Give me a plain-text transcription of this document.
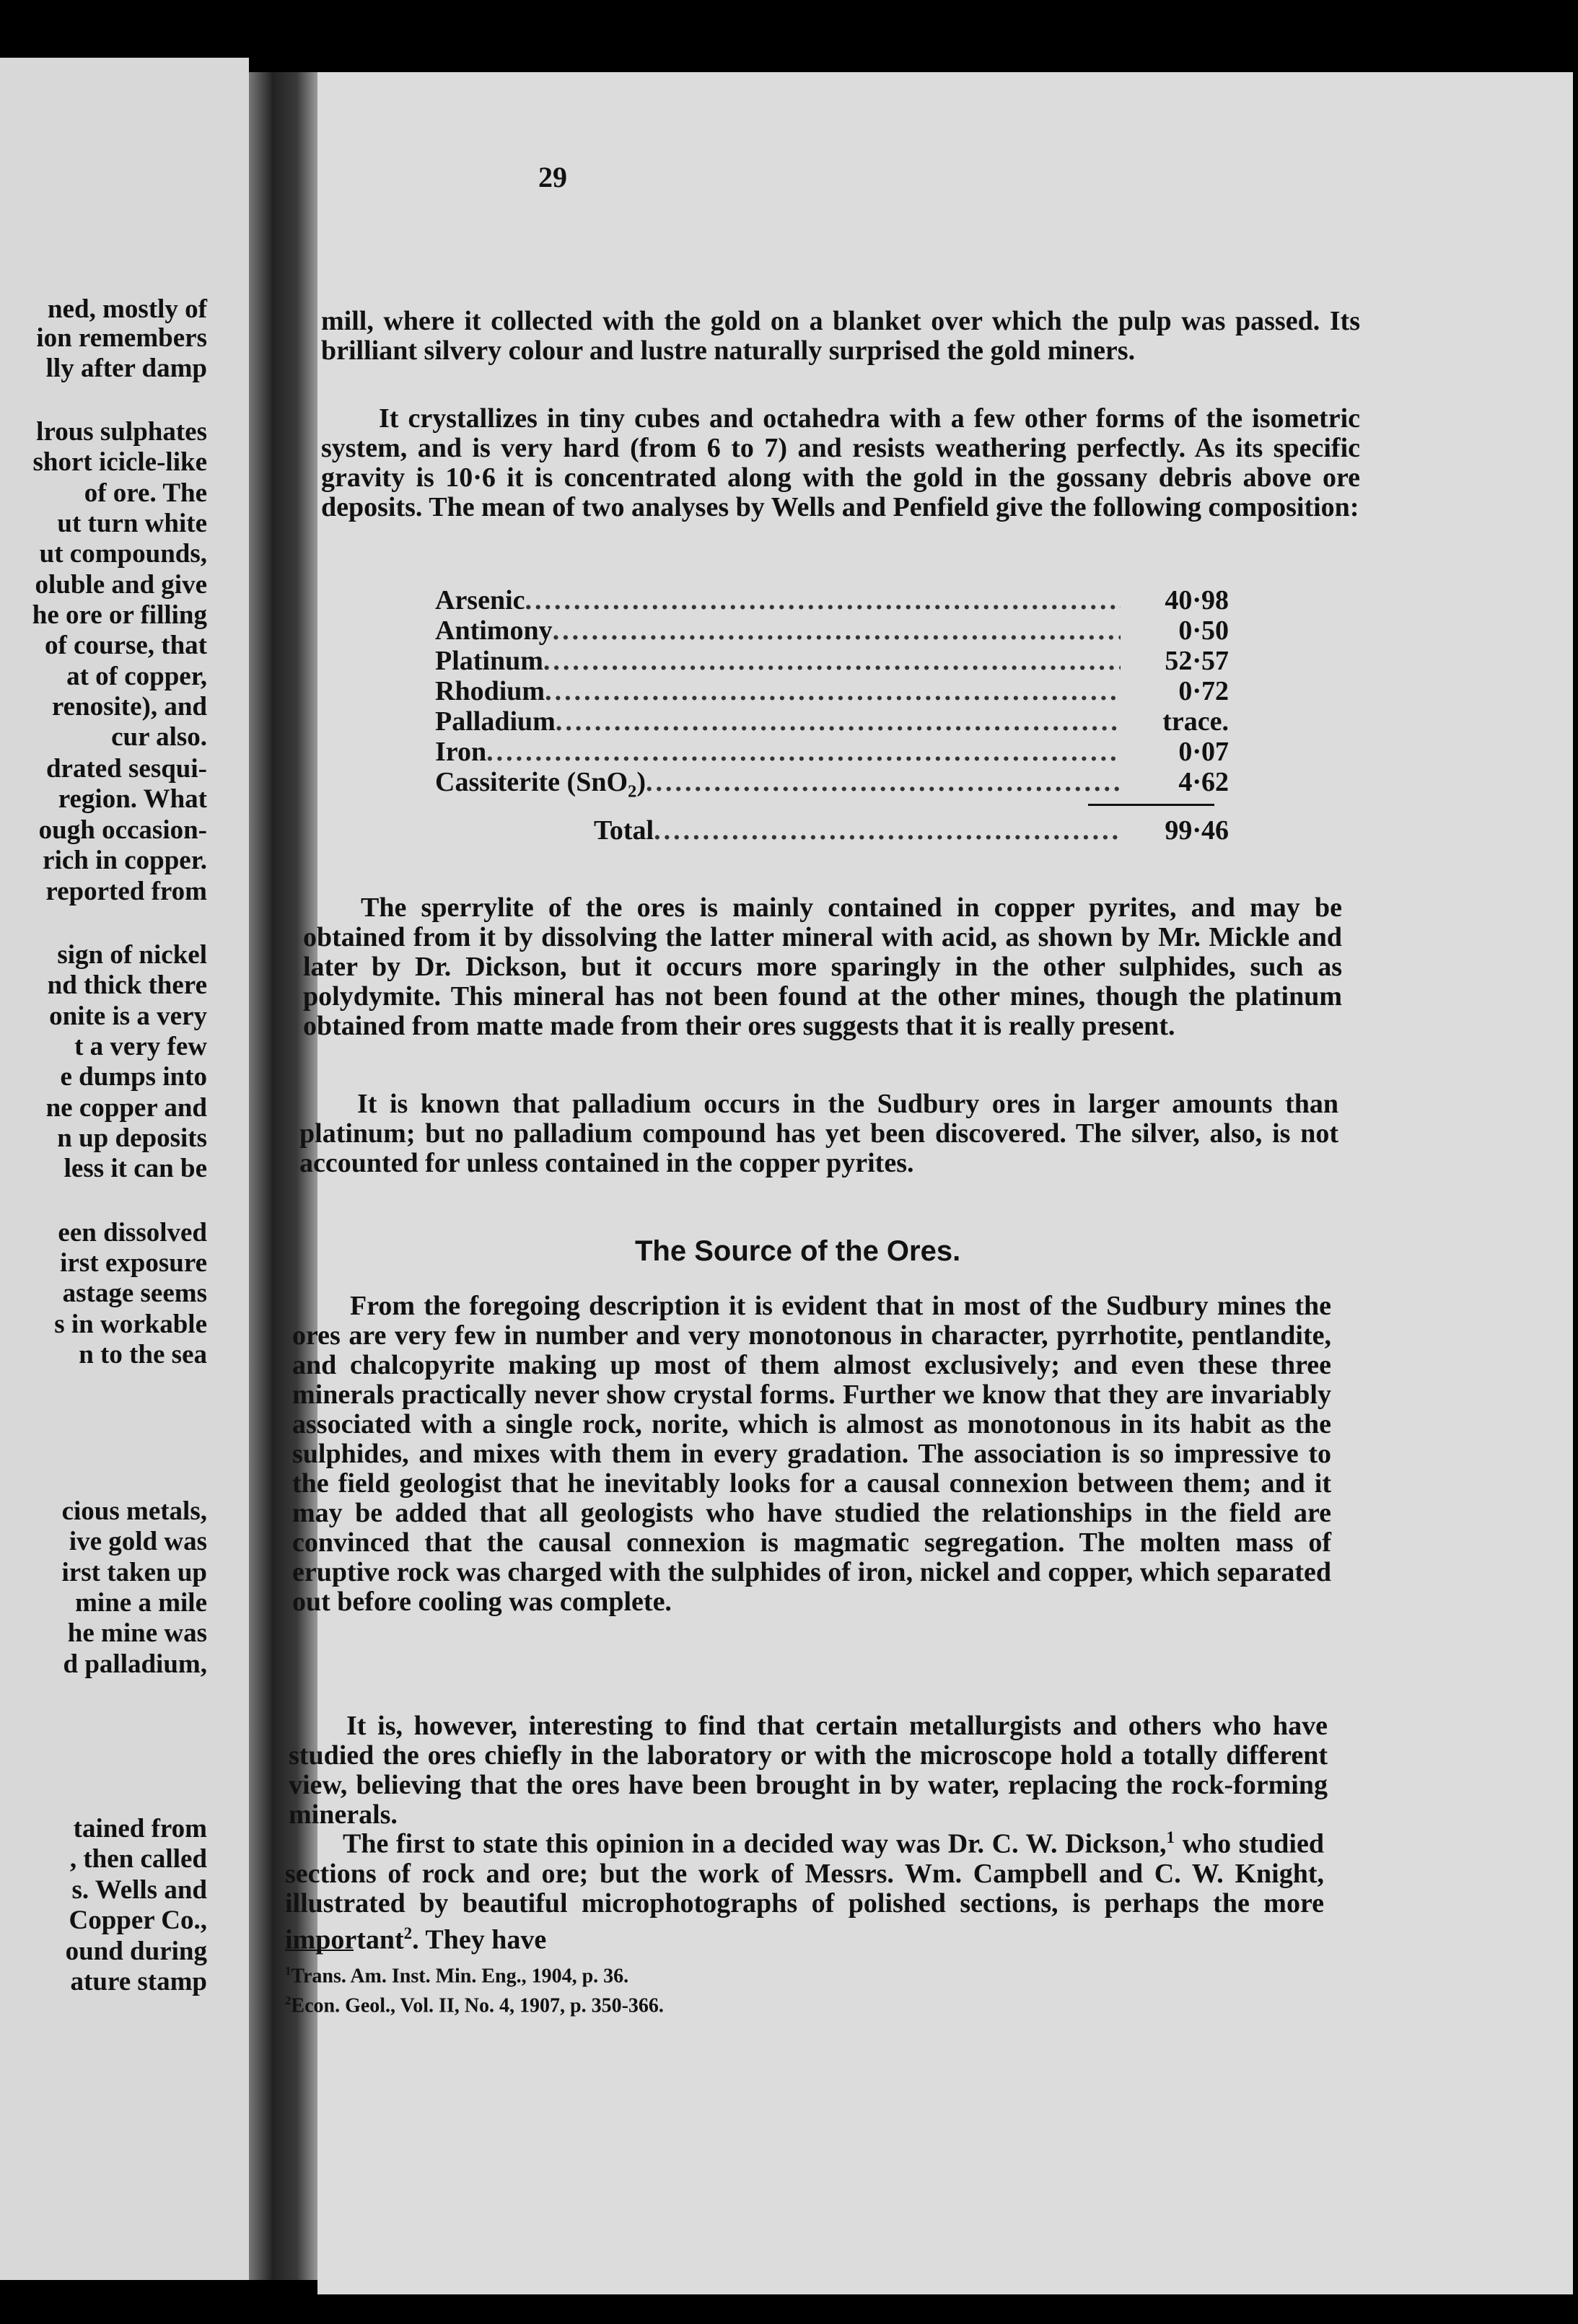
ned, mostly of
ion remembers
lly after damp
lrous sulphates
short icicle-like
of ore. The
ut turn white
ut compounds,
oluble and give
he ore or filling
of course, that
at of copper,
renosite), and
cur also.
drated sesqui-
region. What
ough occasion-
rich in copper.
reported from
sign of nickel
nd thick there
onite is a very
t a very few
e dumps into
ne copper and
n up deposits
less it can be
een dissolved
irst exposure
astage seems
s in workable
n to the sea
cious metals,
ive gold was
irst taken up
mine a mile
he mine was
d palladium,
tained from
, then called
s. Wells and
Copper Co.,
ound during
ature stamp
29

mill, where it collected with the gold on a blanket over which the pulp was passed. Its brilliant silvery colour and lustre naturally surprised the gold miners.

It crystallizes in tiny cubes and octahedra with a few other forms of the isometric system, and is very hard (from 6 to 7) and resists weathering perfectly. As its specific gravity is 10·6 it is concentrated along with the gold in the gossany debris above ore deposits. The mean of two analyses by Wells and Penfield give the following composition:

Arsenic .....	40·98
Antimony .....	0·50
Platinum .....	52·57
Rhodium .....	0·72
Palladium .....	trace.
Iron .....	0·07
Cassiterite (SnO$_2$) .....	4·62
Total .....	99·46

The sperrylite of the ores is mainly contained in copper pyrites, and may be obtained from it by dissolving the latter mineral with acid, as shown by Mr. Mickle and later by Dr. Dickson, but it occurs more sparingly in the other sulphides, such as polydymite. This mineral has not been found at the other mines, though the platinum obtained from matte made from their ores suggests that it is really present.

It is known that palladium occurs in the Sudbury ores in larger amounts than platinum; but no palladium compound has yet been discovered. The silver, also, is not accounted for unless contained in the copper pyrites.

The Source of the Ores.

From the foregoing description it is evident that in most of the Sudbury mines the ores are very few in number and very monotonous in character, pyrrhotite, pentlandite, and chalcopyrite making up most of them almost exclusively; and even these three minerals practically never show crystal forms. Further we know that they are invariably associated with a single rock, norite, which is almost as monotonous in its habit as the sulphides, and mixes with them in every gradation. The association is so impressive to the field geologist that he inevitably looks for a causal connexion between them; and it may be added that all geologists who have studied the relationships in the field are convinced that the causal connexion is magmatic segregation. The molten mass of eruptive rock was charged with the sulphides of iron, nickel and copper, which separated out before cooling was complete.

It is, however, interesting to find that certain metallurgists and others who have studied the ores chiefly in the laboratory or with the microscope hold a totally different view, believing that the ores have been brought in by water, replacing the rock-forming minerals.

The first to state this opinion in a decided way was Dr. C. W. Dickson,$^1$ who studied sections of rock and ore; but the work of Messrs. Wm. Campbell and C. W. Knight, illustrated by beautiful microphotographs of polished sections, is perhaps the more important$^2$. They have

$^1$Trans. Am. Inst. Min. Eng., 1904, p. 36.
$^2$Econ. Geol., Vol. II, No. 4, 1907, p. 350-366.
